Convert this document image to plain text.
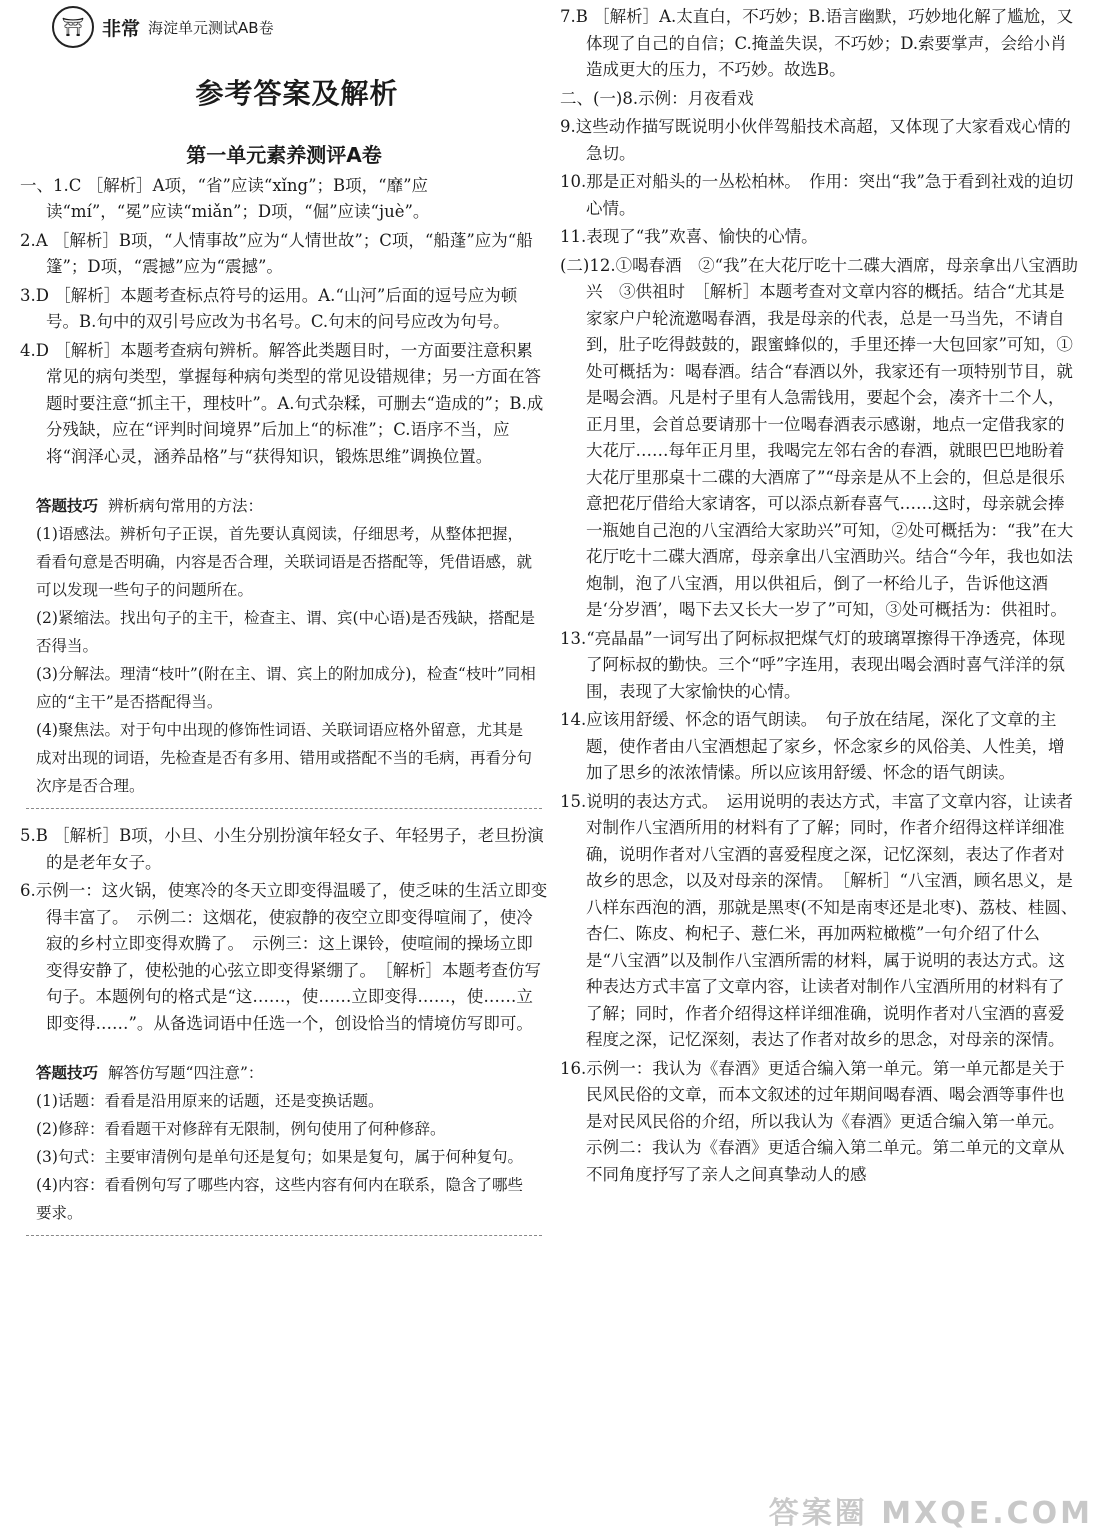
⛩ 非常 海淀单元测试AB卷
参考答案及解析
第一单元素养测评A卷

一、1.C ［解析］A项，“省”应读“xǐng”；B项，“靡”应读“mí”，“冕”应读“miǎn”；D项，“倔”应读“juè”。

2.A ［解析］B项，“人情事故”应为“人情世故”；C项，“船蓬”应为“船篷”；D项，“震撼”应为“震撼”。

3.D ［解析］本题考查标点符号的运用。A.“山河”后面的逗号应为顿号。B.句中的双引号应改为书名号。C.句末的问号应改为句号。

4.D ［解析］本题考查病句辨析。解答此类题目时，一方面要注意积累常见的病句类型，掌握每种病句类型的常见设错规律；另一方面在答题时要注意“抓主干，理枝叶”。A.句式杂糅，可删去“造成的”；B.成分残缺，应在“评判时间境界”后加上“的标准”；C.语序不当，应将“润泽心灵，涵养品格”与“获得知识，锻炼思维”调换位置。

答题技巧 辨析病句常用的方法：

(1)语感法。辨析句子正误，首先要认真阅读，仔细思考，从整体把握，看看句意是否明确，内容是否合理，关联词语是否搭配等，凭借语感，就可以发现一些句子的问题所在。

(2)紧缩法。找出句子的主干，检查主、谓、宾(中心语)是否残缺，搭配是否得当。

(3)分解法。理清“枝叶”(附在主、谓、宾上的附加成分)，检查“枝叶”同相应的“主干”是否搭配得当。

(4)聚焦法。对于句中出现的修饰性词语、关联词语应格外留意，尤其是成对出现的词语，先检查是否有多用、错用或搭配不当的毛病，再看分句次序是否合理。

5.B ［解析］B项，小旦、小生分别扮演年轻女子、年轻男子，老旦扮演的是老年女子。

6.示例一：这火锅，使寒冷的冬天立即变得温暖了，使乏味的生活立即变得丰富了。　示例二：这烟花，使寂静的夜空立即变得喧闹了，使冷寂的乡村立即变得欢腾了。　示例三：这上课铃，使喧闹的操场立即变得安静了，使松弛的心弦立即变得紧绷了。　［解析］本题考查仿写句子。本题例句的格式是“这……，使……立即变得……，使……立即变得……”。从备选词语中任选一个，创设恰当的情境仿写即可。

答题技巧 解答仿写题“四注意”：

(1)话题：看看是沿用原来的话题，还是变换话题。

(2)修辞：看看题干对修辞有无限制，例句使用了何种修辞。

(3)句式：主要审清例句是单句还是复句；如果是复句，属于何种复句。

(4)内容：看看例句写了哪些内容，这些内容有何内在联系，隐含了哪些要求。

7.B ［解析］A.太直白，不巧妙；B.语言幽默，巧妙地化解了尴尬，又体现了自己的自信；C.掩盖失误，不巧妙；D.索要掌声，会给小肖造成更大的压力，不巧妙。故选B。

二、(一)8.示例：月夜看戏

9.这些动作描写既说明小伙伴驾船技术高超，又体现了大家看戏心情的急切。

10.那是正对船头的一丛松柏林。　作用：突出“我”急于看到社戏的迫切心情。

11.表现了“我”欢喜、愉快的心情。

(二)12.①喝春酒　②“我”在大花厅吃十二碟大酒席，母亲拿出八宝酒助兴　③供祖时　［解析］本题考查对文章内容的概括。结合“尤其是家家户户轮流邀喝春酒，我是母亲的代表，总是一马当先，不请自到，肚子吃得鼓鼓的，跟蜜蜂似的，手里还捧一大包回家”可知，①处可概括为：喝春酒。结合“春酒以外，我家还有一项特别节目，就是喝会酒。凡是村子里有人急需钱用，要起个会，凑齐十二个人，正月里，会首总要请那十一位喝春酒表示感谢，地点一定借我家的大花厅……每年正月里，我喝完左邻右舍的春酒，就眼巴巴地盼着大花厅里那桌十二碟的大酒席了”“母亲是从不上会的，但总是很乐意把花厅借给大家请客，可以添点新春喜气……这时，母亲就会捧一瓶她自己泡的八宝酒给大家助兴”可知，②处可概括为：“我”在大花厅吃十二碟大酒席，母亲拿出八宝酒助兴。结合“今年，我也如法炮制，泡了八宝酒，用以供祖后，倒了一杯给儿子，告诉他这酒是‘分岁酒’，喝下去又长大一岁了”可知，③处可概括为：供祖时。

13.“亮晶晶”一词写出了阿标叔把煤气灯的玻璃罩擦得干净透亮，体现了阿标叔的勤快。三个“呼”字连用，表现出喝会酒时喜气洋洋的氛围，表现了大家愉快的心情。

14.应该用舒缓、怀念的语气朗读。　句子放在结尾，深化了文章的主题，使作者由八宝酒想起了家乡，怀念家乡的风俗美、人性美，增加了思乡的浓浓情愫。所以应该用舒缓、怀念的语气朗读。

15.说明的表达方式。　运用说明的表达方式，丰富了文章内容，让读者对制作八宝酒所用的材料有了了解；同时，作者介绍得这样详细准确，说明作者对八宝酒的喜爱程度之深，记忆深刻，表达了作者对故乡的思念，以及对母亲的深情。　［解析］“八宝酒，顾名思义，是八样东西泡的酒，那就是黑枣(不知是南枣还是北枣)、荔枝、桂圆、杏仁、陈皮、枸杞子、薏仁米，再加两粒橄榄”一句介绍了什么是“八宝酒”以及制作八宝酒所需的材料，属于说明的表达方式。这种表达方式丰富了文章内容，让读者对制作八宝酒所用的材料有了了解；同时，作者介绍得这样详细准确，说明作者对八宝酒的喜爱程度之深，记忆深刻，表达了作者对故乡的思念，对母亲的深情。

16.示例一：我认为《春酒》更适合编入第一单元。第一单元都是关于民风民俗的文章，而本文叙述的过年期间喝春酒、喝会酒等事件也是对民风民俗的介绍，所以我认为《春酒》更适合编入第一单元。　示例二：我认为《春酒》更适合编入第二单元。第二单元的文章从不同角度抒写了亲人之间真挚动人的感

答案圈 MXQE.COM
